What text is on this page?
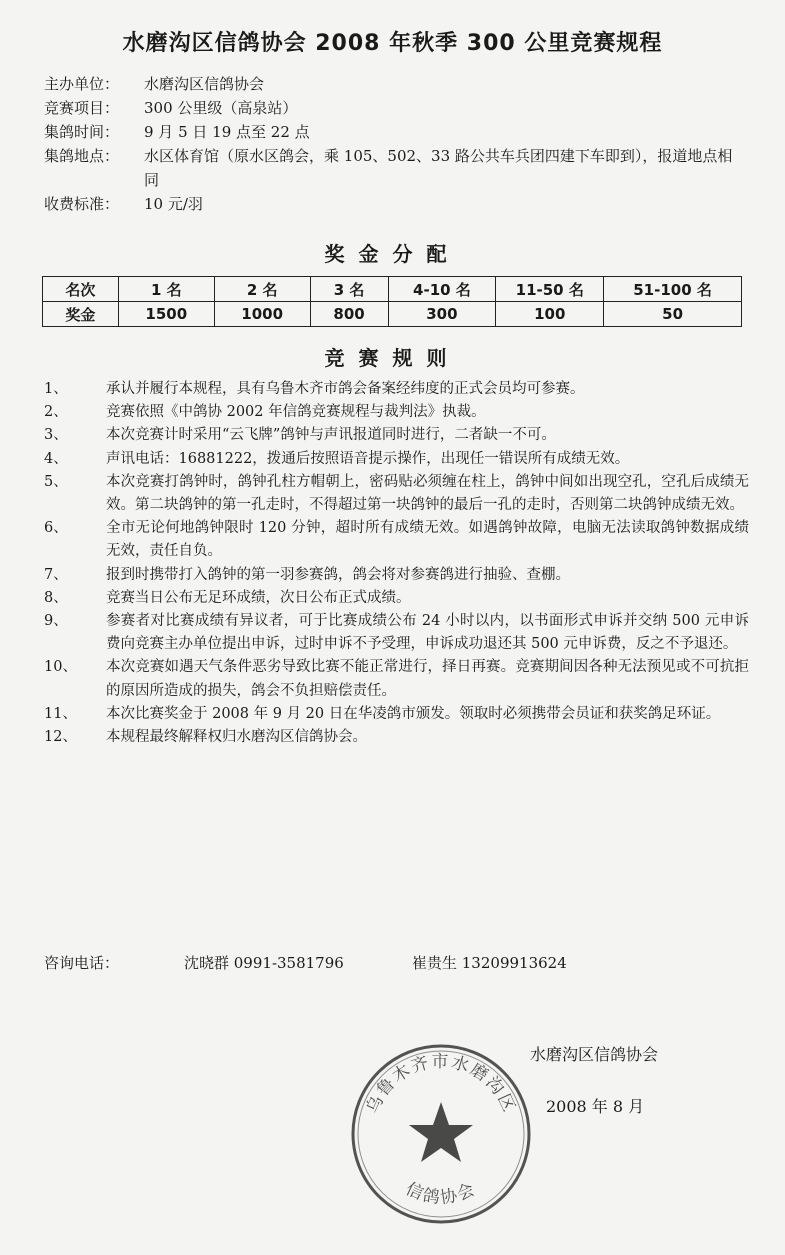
水磨沟区信鸽协会 2008 年秋季 300 公里竞赛规程
主办单位：	水磨沟区信鸽协会
竞赛项目：	300 公里级（高泉站）
集鸽时间：	9 月 5 日 19 点至 22 点
集鸽地点：	水区体育馆（原水区鸽会，乘 105、502、33 路公共车兵团四建下车即到），报道地点相同
收费标准：	10 元/羽
奖金分配
名次	1 名	2 名	3 名	4-10 名	11-50 名	51-100 名
奖金	1500	1000	800	300	100	50
竞赛规则
1、	承认并履行本规程，具有乌鲁木齐市鸽会备案经纬度的正式会员均可参赛。
2、	竞赛依照《中鸽协 2002 年信鸽竞赛规程与裁判法》执裁。
3、	本次竞赛计时采用“云飞牌”鸽钟与声讯报道同时进行，二者缺一不可。
4、	声讯电话：16881222，拨通后按照语音提示操作，出现任一错误所有成绩无效。
5、	本次竞赛打鸽钟时，鸽钟孔柱方帽朝上，密码贴必须缠在柱上，鸽钟中间如出现空孔，空孔后成绩无效。第二块鸽钟的第一孔走时，不得超过第一块鸽钟的最后一孔的走时，否则第二块鸽钟成绩无效。
6、	全市无论何地鸽钟限时 120 分钟，超时所有成绩无效。如遇鸽钟故障，电脑无法读取鸽钟数据成绩无效，责任自负。
7、	报到时携带打入鸽钟的第一羽参赛鸽，鸽会将对参赛鸽进行抽验、查棚。
8、	竞赛当日公布无足环成绩，次日公布正式成绩。
9、	参赛者对比赛成绩有异议者，可于比赛成绩公布 24 小时以内，以书面形式申诉并交纳 500 元申诉费向竞赛主办单位提出申诉，过时申诉不予受理，申诉成功退还其 500 元申诉费，反之不予退还。
10、	本次竞赛如遇天气条件恶劣导致比赛不能正常进行，择日再赛。竞赛期间因各种无法预见或不可抗拒的原因所造成的损失，鸽会不负担赔偿责任。
11、	本次比赛奖金于 2008 年 9 月 20 日在华凌鸽市颁发。领取时必须携带会员证和获奖鸽足环证。
12、	本规程最终解释权归水磨沟区信鸽协会。
咨询电话：	沈晓群 0991-3581796	崔贵生 13209913624
乌鲁木齐市水磨沟区
信鸽协会
水磨沟区信鸽协会
2008 年 8 月
